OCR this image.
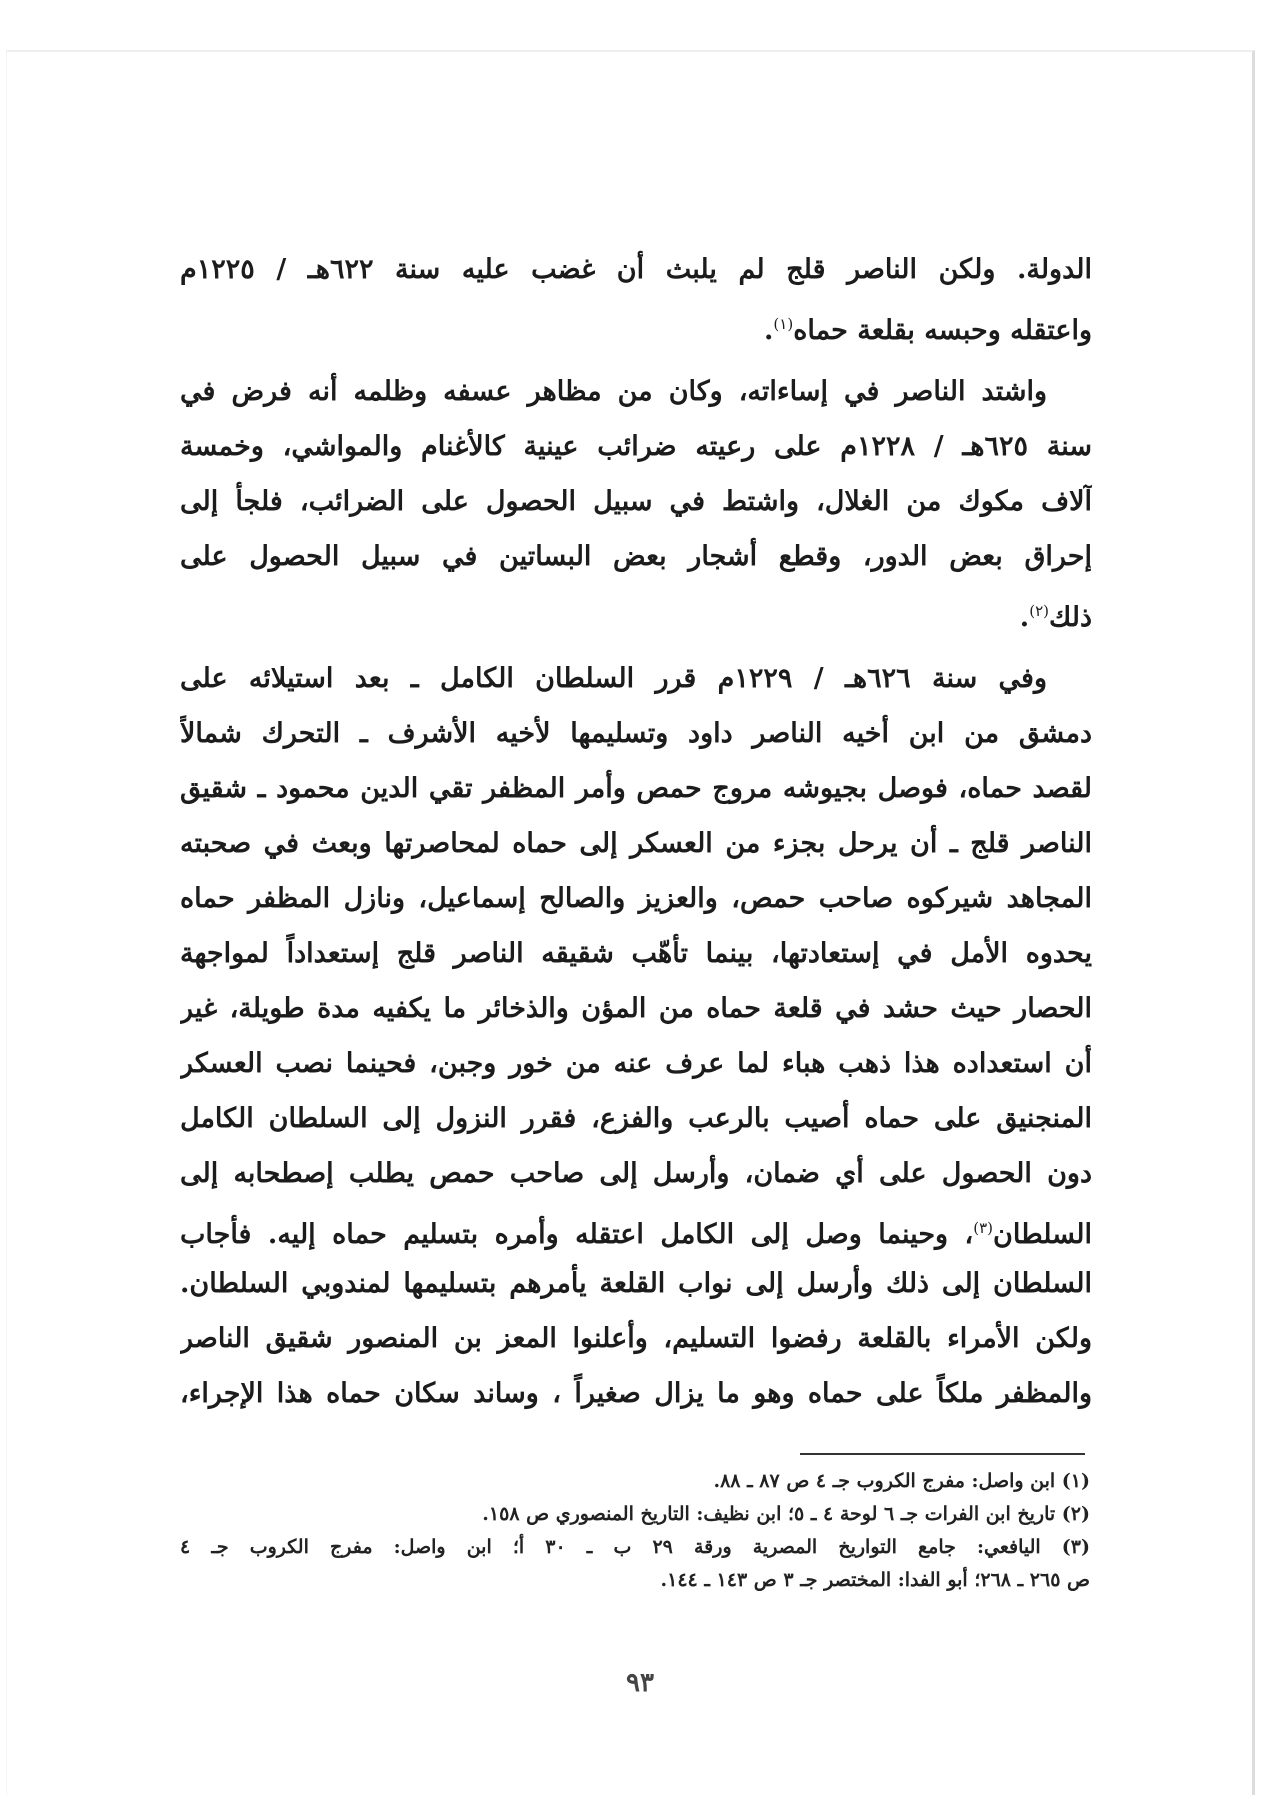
الدولة. ولكن الناصر قلج لم يلبث أن غضب عليه سنة ٦٢٢هـ / ١٢٢٥م
واعتقله وحبسه بقلعة حماه$^{(١)}$.
واشتد الناصر في إساءاته، وكان من مظاهر عسفه وظلمه أنه فرض في
سنة ٦٢٥هـ / ١٢٢٨م على رعيته ضرائب عينية كالأغنام والمواشي، وخمسة
آلاف مكوك من الغلال، واشتط في سبيل الحصول على الضرائب، فلجأ إلى
إحراق بعض الدور، وقطع أشجار بعض البساتين في سبيل الحصول على
ذلك$^{(٢)}$.
وفي سنة ٦٢٦هـ / ١٢٢٩م قرر السلطان الكامل ـ بعد استيلائه على
دمشق من ابن أخيه الناصر داود وتسليمها لأخيه الأشرف ـ التحرك شمالاً
لقصد حماه، فوصل بجيوشه مروج حمص وأمر المظفر تقي الدين محمود ـ شقيق
الناصر قلج ـ أن يرحل بجزء من العسكر إلى حماه لمحاصرتها وبعث في صحبته
المجاهد شيركوه صاحب حمص، والعزيز والصالح إسماعيل، ونازل المظفر حماه
يحدوه الأمل في إستعادتها، بينما تأهّب شقيقه الناصر قلج إستعداداً لمواجهة
الحصار حيث حشد في قلعة حماه من المؤن والذخائر ما يكفيه مدة طويلة، غير
أن استعداده هذا ذهب هباء لما عرف عنه من خور وجبن، فحينما نصب العسكر
المنجنيق على حماه أصيب بالرعب والفزع، فقرر النزول إلى السلطان الكامل
دون الحصول على أي ضمان، وأرسل إلى صاحب حمص يطلب إصطحابه إلى
السلطان$^{(٣)}$، وحينما وصل إلى الكامل اعتقله وأمره بتسليم حماه إليه. فأجاب
السلطان إلى ذلك وأرسل إلى نواب القلعة يأمرهم بتسليمها لمندوبي السلطان.
ولكن الأمراء بالقلعة رفضوا التسليم، وأعلنوا المعز بن المنصور شقيق الناصر
والمظفر ملكاً على حماه وهو ما يزال صغيراً ، وساند سكان حماه هذا الإجراء،
(١) ابن واصل: مفرج الكروب جـ ٤ ص ٨٧ ـ ٨٨.
(٢) تاريخ ابن الفرات جـ ٦ لوحة ٤ ـ ٥؛ ابن نظيف: التاريخ المنصوري ص ١٥٨.
(٣) اليافعي: جامع التواريخ المصرية ورقة ٢٩ ب ـ ٣٠ أ؛ ابن واصل: مفرج الكروب جـ ٤
ص ٢٦٥ ـ ٢٦٨؛ أبو الفدا: المختصر جـ ٣ ص ١٤٣ ـ ١٤٤.
٩٣
